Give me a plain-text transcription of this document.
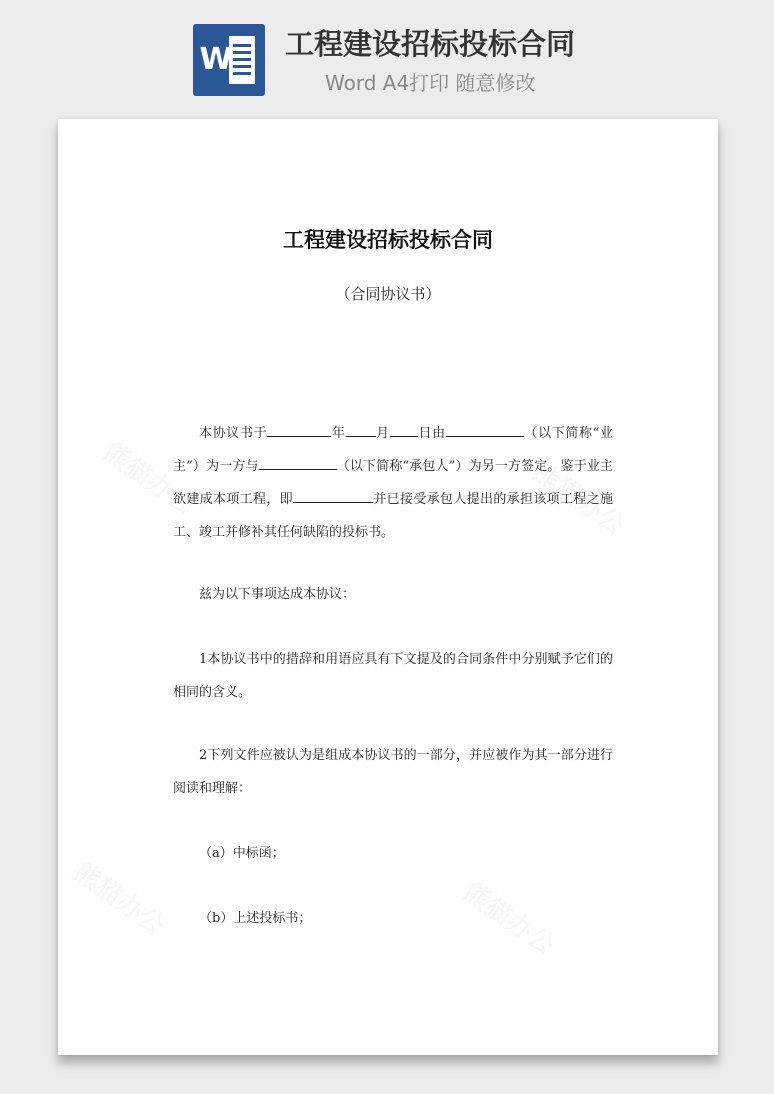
W 工程建设招标投标合同
Word A4打印 随意修改
工程建设招标投标合同
（合同协议书）
本协议书于	年 月 日由	（以下简称“业主”）为一方与	（以下简称“承包人”）为另一方签定。鉴于业主欲建成本项工程，即	并已接受承包人提出的承担该项工程之施工、竣工并修补其任何缺陷的投标书。
兹为以下事项达成本协议：
1本协议书中的措辞和用语应具有下文提及的合同条件中分别赋予它们的相同的含义。
2下列文件应被认为是组成本协议书的一部分，并应被作为其一部分进行阅读和理解：
（a）中标函；
（b）上述投标书；
